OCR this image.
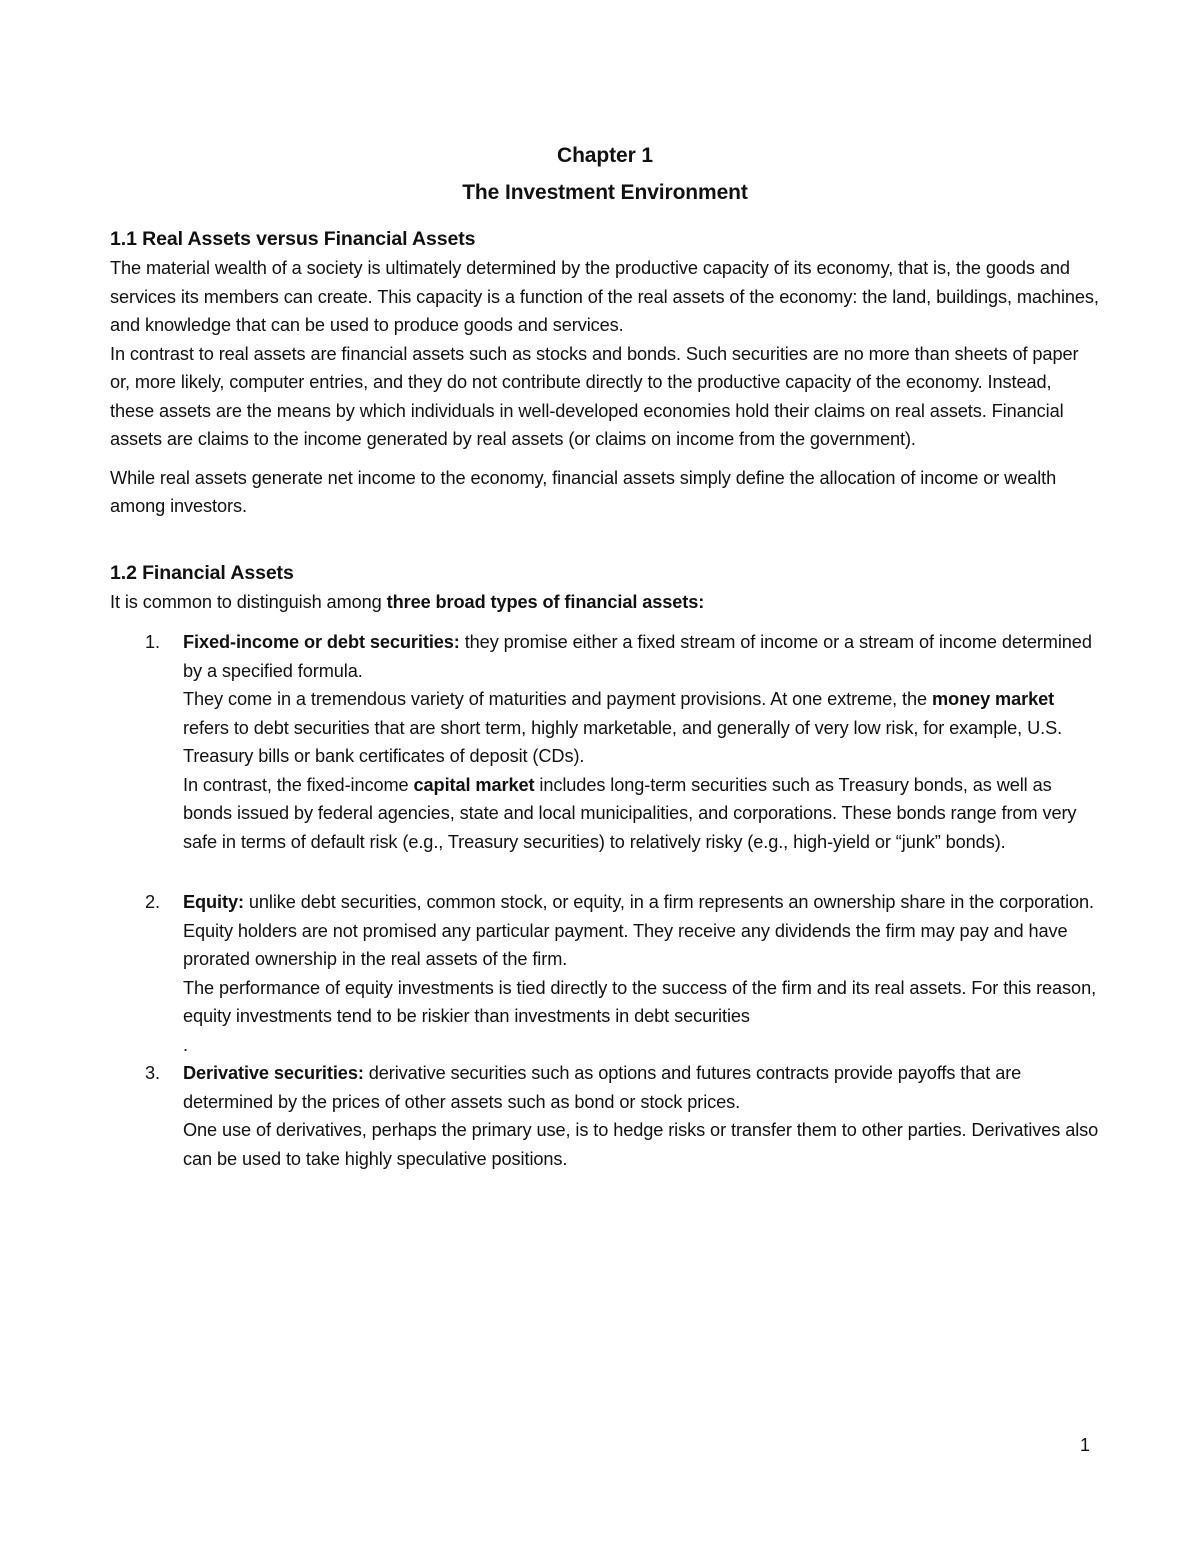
Chapter 1

The Investment Environment

1.1 Real Assets versus Financial Assets

The material wealth of a society is ultimately determined by the productive capacity of its economy, that is, the goods and services its members can create. This capacity is a function of the real assets of the economy: the land, buildings, machines, and knowledge that can be used to produce goods and services.

In contrast to real assets are financial assets such as stocks and bonds. Such securities are no more than sheets of paper or, more likely, computer entries, and they do not contribute directly to the productive capacity of the economy. Instead, these assets are the means by which individuals in well-developed economies hold their claims on real assets. Financial assets are claims to the income generated by real assets (or claims on income from the government).

While real assets generate net income to the economy, financial assets simply define the allocation of income or wealth among investors.

1.2 Financial Assets

It is common to distinguish among three broad types of financial assets:

1. Fixed-income or debt securities: they promise either a fixed stream of income or a stream of income determined by a specified formula.

They come in a tremendous variety of maturities and payment provisions. At one extreme, the money market refers to debt securities that are short term, highly marketable, and generally of very low risk, for example, U.S. Treasury bills or bank certificates of deposit (CDs).

In contrast, the fixed-income capital market includes long-term securities such as Treasury bonds, as well as bonds issued by federal agencies, state and local municipalities, and corporations. These bonds range from very safe in terms of default risk (e.g., Treasury securities) to relatively risky (e.g., high-yield or “junk” bonds).

2. Equity: unlike debt securities, common stock, or equity, in a firm represents an ownership share in the corporation. Equity holders are not promised any particular payment. They receive any dividends the firm may pay and have prorated ownership in the real assets of the firm.

The performance of equity investments is tied directly to the success of the firm and its real assets. For this reason, equity investments tend to be riskier than investments in debt securities

.

3. Derivative securities: derivative securities such as options and futures contracts provide payoffs that are determined by the prices of other assets such as bond or stock prices.

One use of derivatives, perhaps the primary use, is to hedge risks or transfer them to other parties. Derivatives also can be used to take highly speculative positions.

1
